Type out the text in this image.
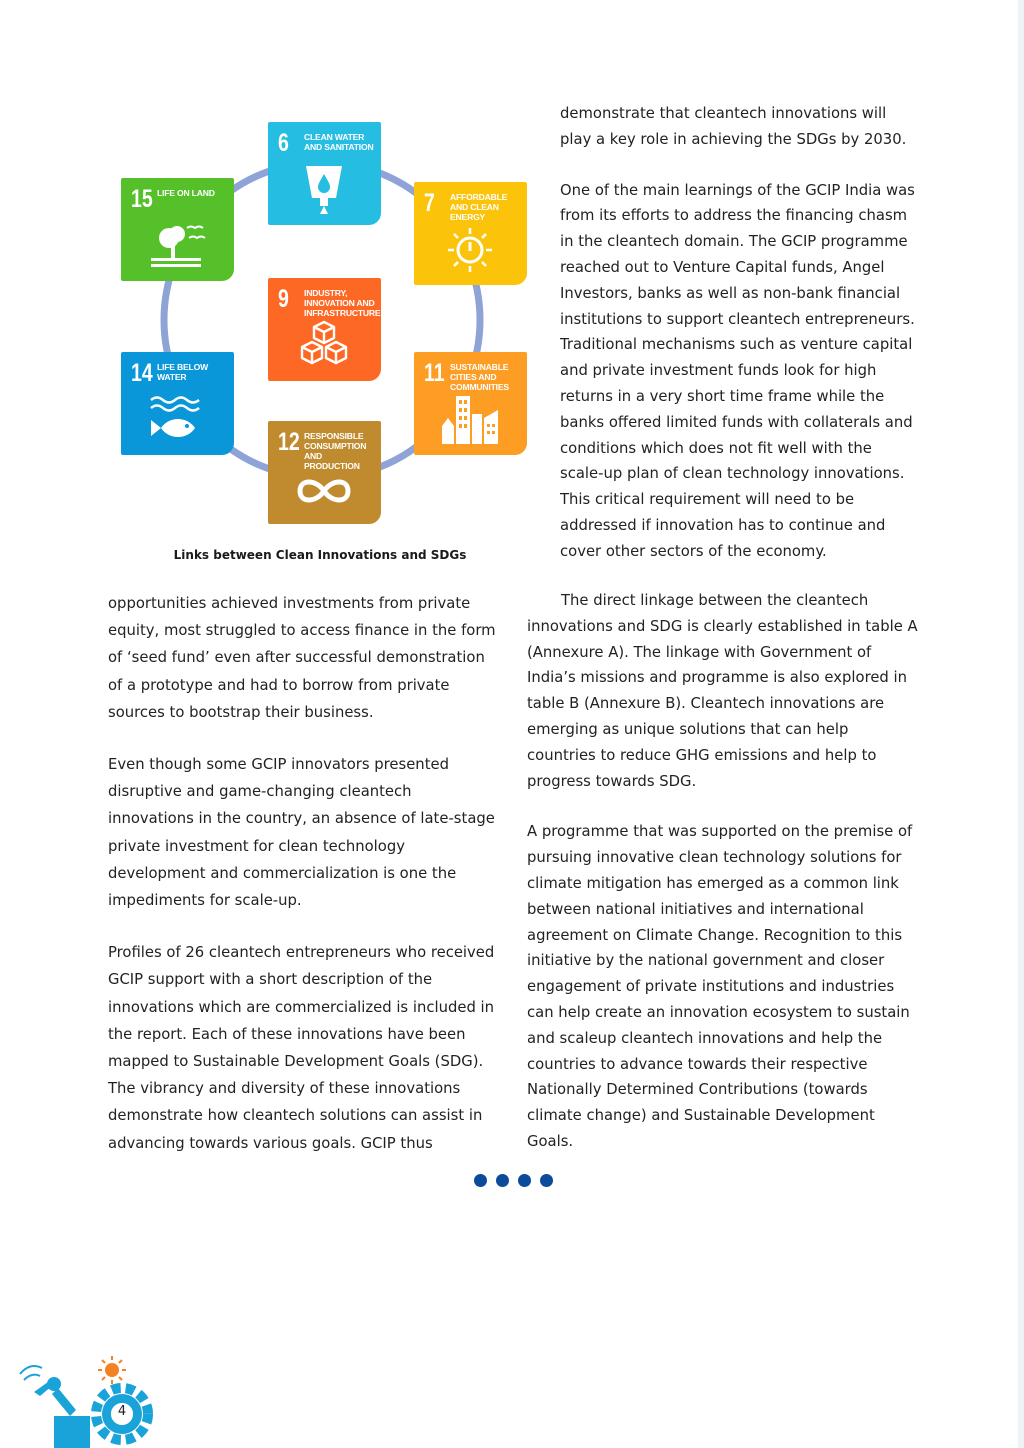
6 CLEAN WATER AND SANITATION
7 AFFORDABLE AND CLEAN ENERGY
11 SUSTAINABLE CITIES AND COMMUNITIES
12 RESPONSIBLE CONSUMPTION AND PRODUCTION
14 LIFE BELOW WATER
15 LIFE ON LAND
9 INDUSTRY, INNOVATION AND INFRASTRUCTURE
Links between Clean Innovations and SDGs

demonstrate that cleantech innovations will play a key role in achieving the SDGs by 2030.

One of the main learnings of the GCIP India was from its efforts to address the financing chasm in the cleantech domain. The GCIP programme reached out to Venture Capital funds, Angel Investors, banks as well as non-bank financial institutions to support cleantech entrepreneurs. Traditional mechanisms such as venture capital and private investment funds look for high returns in a very short time frame while the banks offered limited funds with collaterals and conditions which does not fit well with the scale-up plan of clean technology innovations. This critical requirement will need to be addressed if innovation has to continue and cover other sectors of the economy.

opportunities achieved investments from private equity, most struggled to access finance in the form of ‘seed fund’ even after successful demonstration of a prototype and had to borrow from private sources to bootstrap their business.

Even though some GCIP innovators presented disruptive and game-changing cleantech innovations in the country, an absence of late-stage private investment for clean technology development and commercialization is one the impediments for scale-up.

Profiles of 26 cleantech entrepreneurs who received GCIP support with a short description of the innovations which are commercialized is included in the report. Each of these innovations have been mapped to Sustainable Development Goals (SDG). The vibrancy and diversity of these innovations demonstrate how cleantech solutions can assist in advancing towards various goals. GCIP thus

The direct linkage between the cleantech innovations and SDG is clearly established in table A (Annexure A). The linkage with Government of India’s missions and programme is also explored in table B (Annexure B). Cleantech innovations are emerging as unique solutions that can help countries to reduce GHG emissions and help to progress towards SDG.

A programme that was supported on the premise of pursuing innovative clean technology solutions for climate mitigation has emerged as a common link between national initiatives and international agreement on Climate Change. Recognition to this initiative by the national government and closer engagement of private institutions and industries can help create an innovation ecosystem to sustain and scaleup cleantech innovations and help the countries to advance towards their respective Nationally Determined Contributions (towards climate change) and Sustainable Development Goals.

4
